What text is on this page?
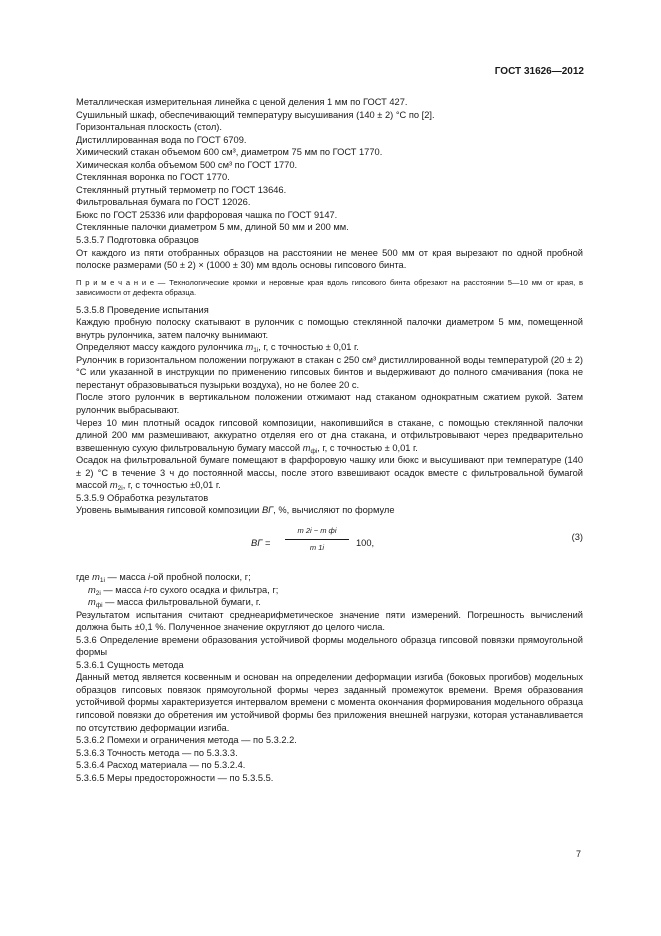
ГОСТ 31626—2012
Металлическая измерительная линейка с ценой деления 1 мм по ГОСТ 427.
Сушильный шкаф, обеспечивающий температуру высушивания (140 ± 2) °С по [2].
Горизонтальная плоскость (стол).
Дистиллированная вода по ГОСТ 6709.
Химический стакан объемом 600 см³, диаметром 75 мм по ГОСТ 1770.
Химическая колба объемом 500 см³ по ГОСТ 1770.
Стеклянная воронка по ГОСТ 1770.
Стеклянный ртутный термометр по ГОСТ 13646.
Фильтровальная бумага по ГОСТ 12026.
Бюкс по ГОСТ 25336 или фарфоровая чашка по ГОСТ 9147.
Стеклянные палочки диаметром 5 мм, длиной 50 мм и 200 мм.
5.3.5.7 Подготовка образцов

От каждого из пяти отобранных образцов на расстоянии не менее 500 мм от края вырезают по одной пробной полоске размерами (50 ± 2) × (1000 ± 30) мм вдоль основы гипсового бинта.

П р и м е ч а н и е — Технологические кромки и неровные края вдоль гипсового бинта обрезают на расстоянии 5—10 мм от края, в зависимости от дефекта образца.

5.3.5.8 Проведение испытания

Каждую пробную полоску скатывают в рулончик с помощью стеклянной палочки диаметром 5 мм, помещенной внутрь рулончика, затем палочку вынимают.

Определяют массу каждого рулончика $m_{1i}$, г, с точностью ± 0,01 г.

Рулончик в горизонтальном положении погружают в стакан с 250 см³ дистиллированной воды температурой (20 ± 2) °С или указанной в инструкции по применению гипсовых бинтов и выдерживают до полного смачивания (пока не перестанут образовываться пузырьки воздуха), но не более 20 с.

После этого рулончик в вертикальном положении отжимают над стаканом однократным сжатием рукой. Затем рулончик выбрасывают.

Через 10 мин плотный осадок гипсовой композиции, накопившийся в стакане, с помощью стеклянной палочки длиной 200 мм размешивают, аккуратно отделяя его от дна стакана, и отфильтровывают через предварительно взвешенную сухую фильтровальную бумагу массой $m_{фi}$, г, с точностью ± 0,01 г.

Осадок на фильтровальной бумаге помещают в фарфоровую чашку или бюкс и высушивают при температуре (140 ± 2) °С в течение 3 ч до постоянной массы, после этого взвешивают осадок вместе с фильтровальной бумагой массой $m_{2i}$, г, с точностью ±0,01 г.

5.3.5.9 Обработка результатов

Уровень вымывания гипсовой композиции ВГ, %, вычисляют по формуле

ВГ =
m 2i − m фi
m 1i	100,
(3)
где $m_{1i}$ — масса i-ой пробной полоски, г;
$m_{2i}$ — масса i-го сухого осадка и фильтра, г;
$m_{фi}$ — масса фильтровальной бумаги, г.

Результатом испытания считают среднеарифметическое значение пяти измерений. Погрешность вычислений должна быть ±0,1 %. Полученное значение округляют до целого числа.

5.3.6 Определение времени образования устойчивой формы модельного образца гипсовой повязки прямоугольной формы

5.3.6.1 Сущность метода

Данный метод является косвенным и основан на определении деформации изгиба (боковых прогибов) модельных образцов гипсовых повязок прямоугольной формы через заданный промежуток времени. Время образования устойчивой формы характеризуется интервалом времени с момента окончания формирования модельного образца гипсовой повязки до обретения им устойчивой формы без приложения внешней нагрузки, которая устанавливается по отсутствию деформации изгиба.

5.3.6.2 Помехи и ограничения метода — по 5.3.2.2.
5.3.6.3 Точность метода — по 5.3.3.3.
5.3.6.4 Расход материала — по 5.3.2.4.
5.3.6.5 Меры предосторожности — по 5.3.5.5.
7
